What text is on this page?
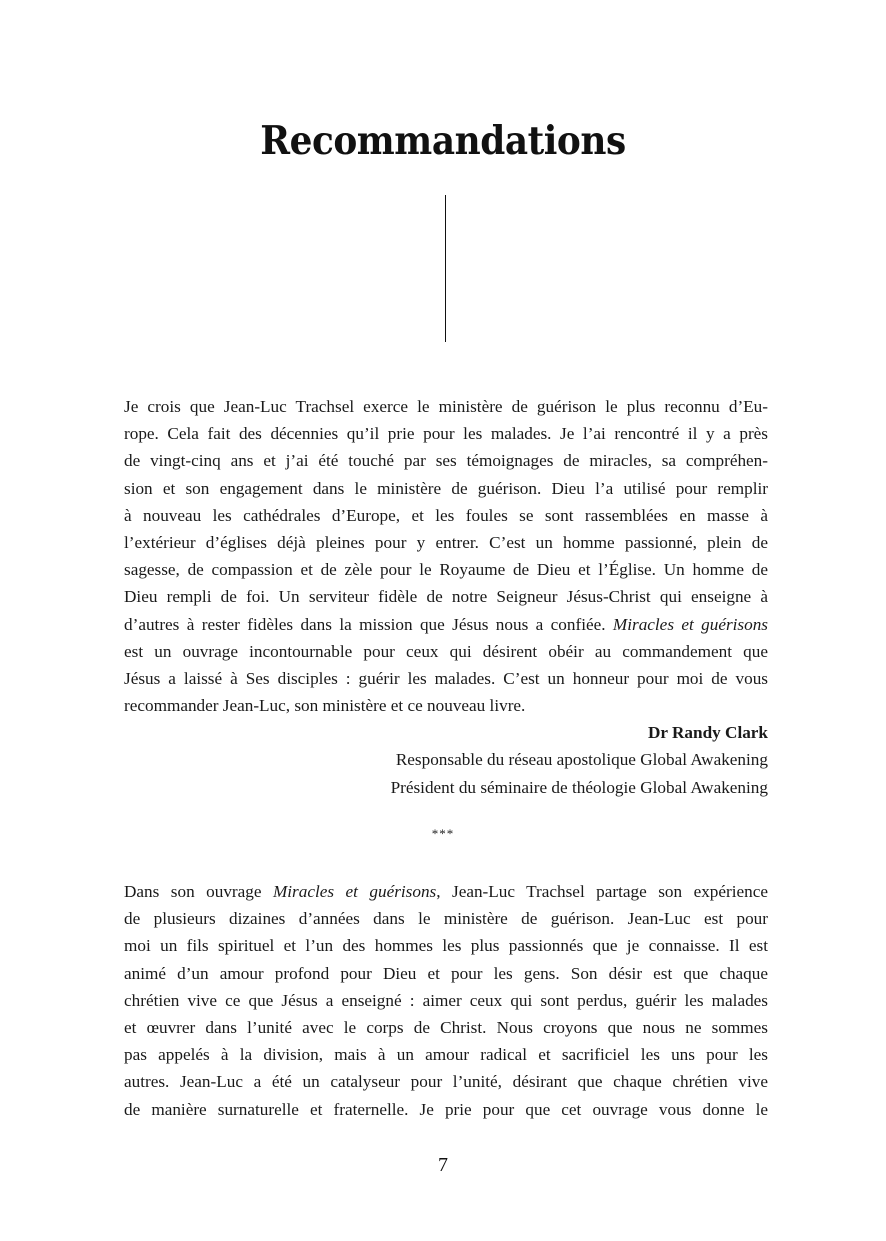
Recommandations
Je crois que Jean-Luc Trachsel exerce le ministère de guérison le plus reconnu d’Eu-
rope. Cela fait des décennies qu’il prie pour les malades. Je l’ai rencontré il y a près
de vingt-cinq ans et j’ai été touché par ses témoignages de miracles, sa compréhen-
sion et son engagement dans le ministère de guérison. Dieu l’a utilisé pour remplir
à nouveau les cathédrales d’Europe, et les foules se sont rassemblées en masse à
l’extérieur d’églises déjà pleines pour y entrer. C’est un homme passionné, plein de
sagesse, de compassion et de zèle pour le Royaume de Dieu et l’Église. Un homme de
Dieu rempli de foi. Un serviteur fidèle de notre Seigneur Jésus-Christ qui enseigne à
d’autres à rester fidèles dans la mission que Jésus nous a confiée. Miracles et guérisons
est un ouvrage incontournable pour ceux qui désirent obéir au commandement que
Jésus a laissé à Ses disciples : guérir les malades. C’est un honneur pour moi de vous
recommander Jean-Luc, son ministère et ce nouveau livre.
Dr Randy Clark
Responsable du réseau apostolique Global Awakening
Président du séminaire de théologie Global Awakening
***
Dans son ouvrage Miracles et guérisons, Jean-Luc Trachsel partage son expérience
de plusieurs dizaines d’années dans le ministère de guérison. Jean-Luc est pour
moi un fils spirituel et l’un des hommes les plus passionnés que je connaisse. Il est
animé d’un amour profond pour Dieu et pour les gens. Son désir est que chaque
chrétien vive ce que Jésus a enseigné : aimer ceux qui sont perdus, guérir les malades
et œuvrer dans l’unité avec le corps de Christ. Nous croyons que nous ne sommes
pas appelés à la division, mais à un amour radical et sacrificiel les uns pour les
autres. Jean-Luc a été un catalyseur pour l’unité, désirant que chaque chrétien vive
de manière surnaturelle et fraternelle. Je prie pour que cet ouvrage vous donne le
7
